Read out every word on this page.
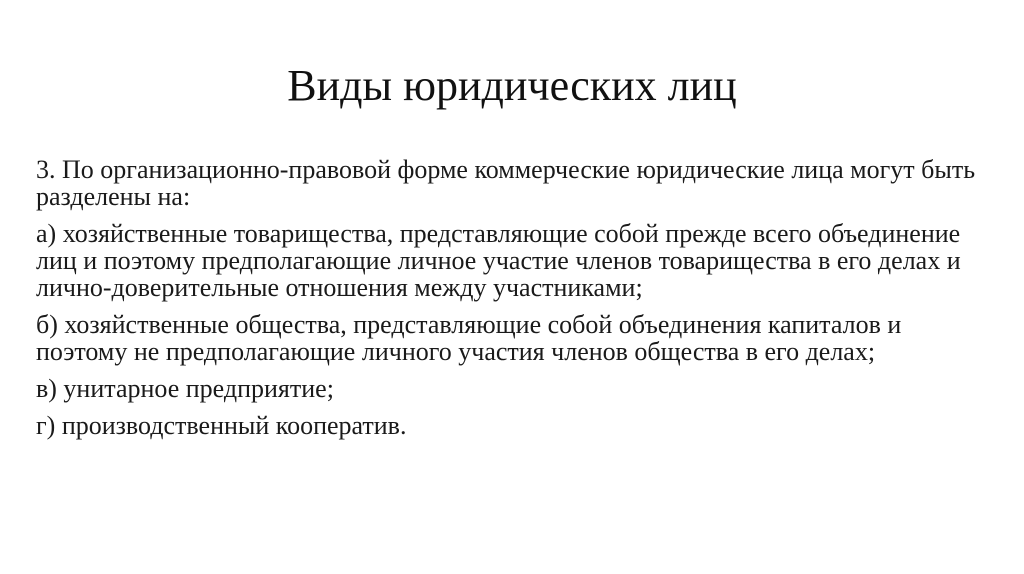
Виды юридических лиц

3. По организационно-правовой форме коммерческие юридические лица могут быть разделены на:

а) хозяйственные товарищества, представляющие собой прежде всего объединение лиц и поэтому предполагающие личное участие членов товарищества в его делах и лично-доверительные отношения между участниками;

б) хозяйственные общества, представляющие собой объединения капиталов и поэтому не предполагающие личного участия членов общества в его делах;

в) унитарное предприятие;

г) производственный кооператив.
